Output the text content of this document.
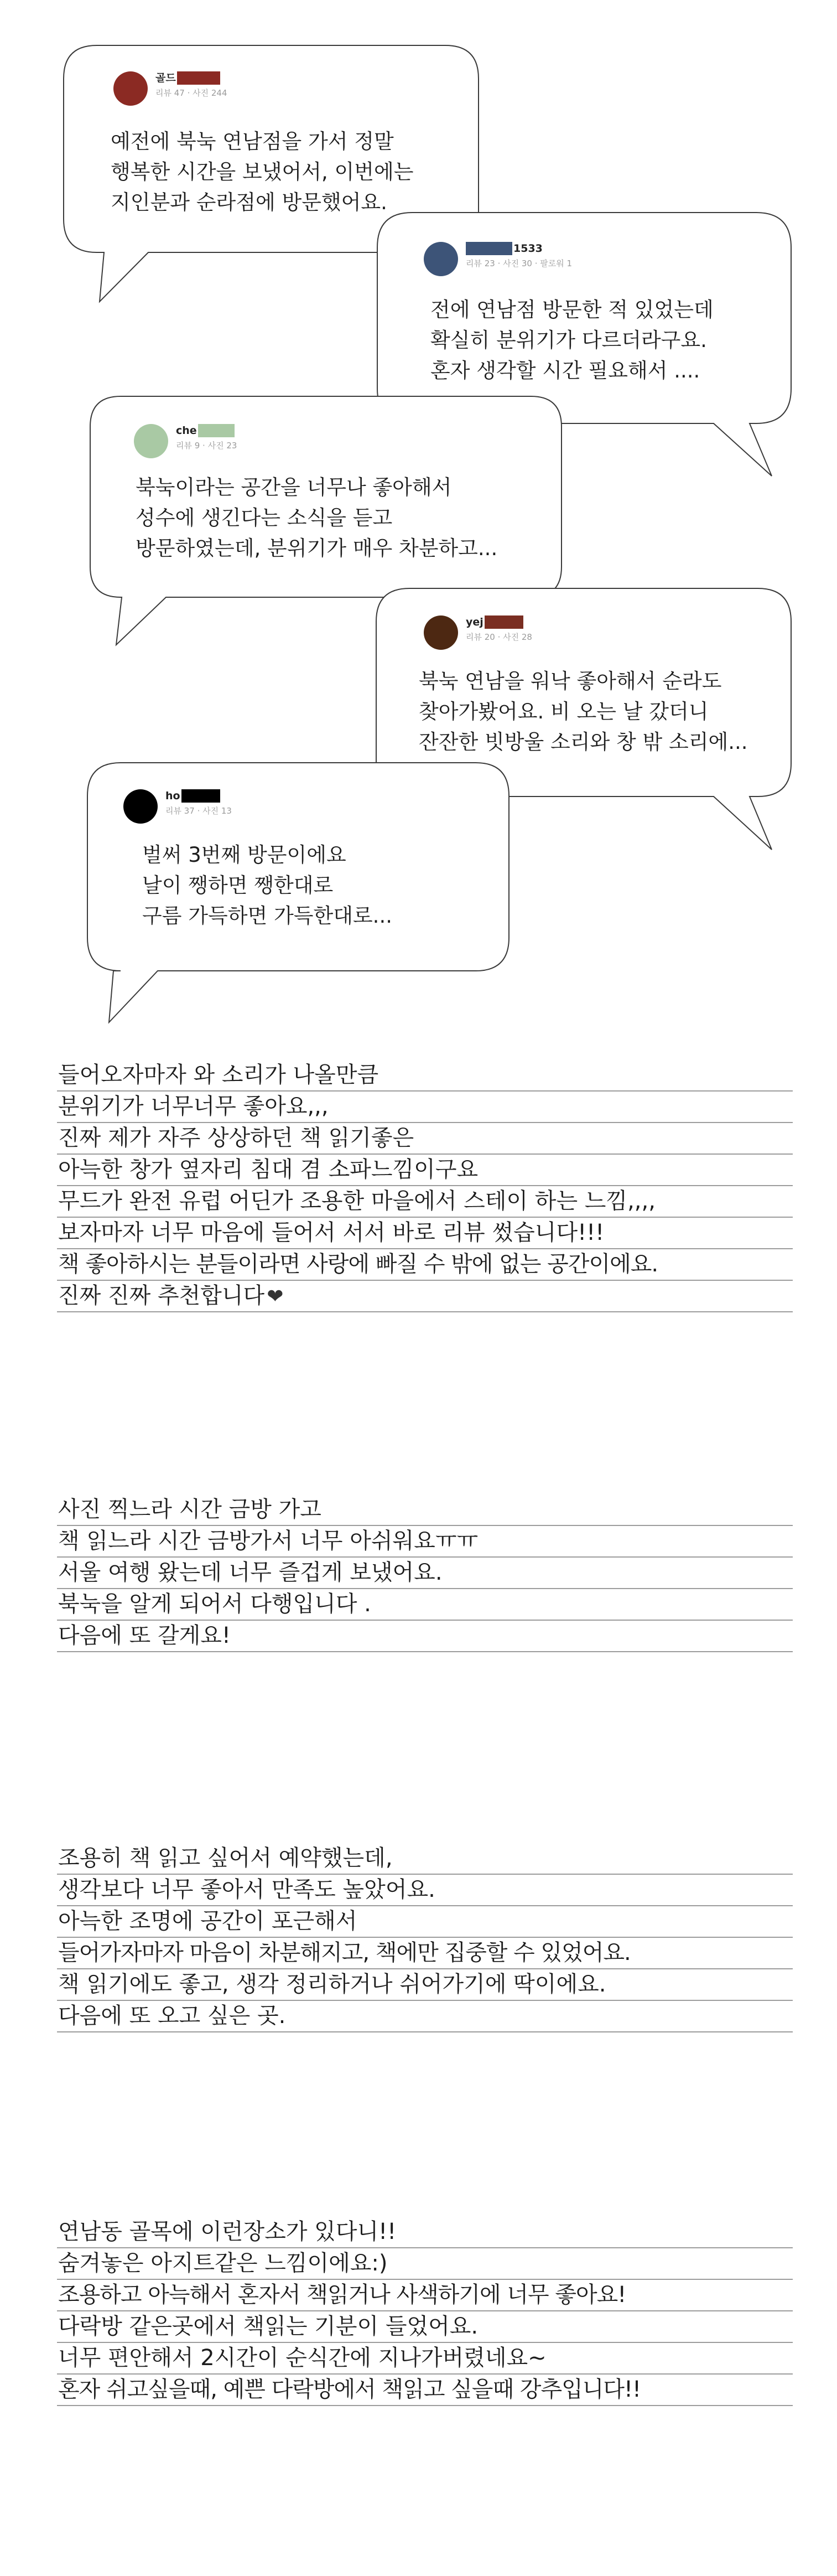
골드
리뷰 47 · 사진 244
예전에 북눅 연남점을 가서 정말
행복한 시간을 보냈어서, 이번에는
지인분과 순라점에 방문했어요.
1533
리뷰 23 · 사진 30 · 팔로워 1
전에 연남점 방문한 적 있었는데
확실히 분위기가 다르더라구요.
혼자 생각할 시간 필요해서 ....
che
리뷰 9 · 사진 23
북눅이라는 공간을 너무나 좋아해서
성수에 생긴다는 소식을 듣고
방문하였는데, 분위기가 매우 차분하고...
yej
리뷰 20 · 사진 28
북눅 연남을 워낙 좋아해서 순라도
찾아가봤어요. 비 오는 날 갔더니
잔잔한 빗방울 소리와 창 밖 소리에...
ho
리뷰 37 · 사진 13
벌써 3번째 방문이에요
날이 쨍하면 쨍한대로
구름 가득하면 가득한대로...
들어오자마자 와 소리가 나올만큼
분위기가 너무너무 좋아요,,,
진짜 제가 자주 상상하던 책 읽기좋은
아늑한 창가 옆자리 침대 겸 소파느낌이구요
무드가 완전 유럽 어딘가 조용한 마을에서 스테이 하는 느낌,,,,
보자마자 너무 마음에 들어서 서서 바로 리뷰 썼습니다!!!
책 좋아하시는 분들이라면 사랑에 빠질 수 밖에 없는 공간이에요.
진짜 진짜 추천합니다 ❤
사진 찍느라 시간 금방 가고
책 읽느라 시간 금방가서 너무 아쉬워요ㅠㅠ
서울 여행 왔는데 너무 즐겁게 보냈어요.
북눅을 알게 되어서 다행입니다 .
다음에 또 갈게요!
조용히 책 읽고 싶어서 예약했는데,
생각보다 너무 좋아서 만족도 높았어요.
아늑한 조명에 공간이 포근해서
들어가자마자 마음이 차분해지고, 책에만 집중할 수 있었어요.
책 읽기에도 좋고, 생각 정리하거나 쉬어가기에 딱이에요.
다음에 또 오고 싶은 곳.
연남동 골목에 이런장소가 있다니!!
숨겨놓은 아지트같은 느낌이에요:)
조용하고 아늑해서 혼자서 책읽거나 사색하기에 너무 좋아요!
다락방 같은곳에서 책읽는 기분이 들었어요.
너무 편안해서 2시간이 순식간에 지나가버렸네요~
혼자 쉬고싶을때, 예쁜 다락방에서 책읽고 싶을때 강추입니다!!
